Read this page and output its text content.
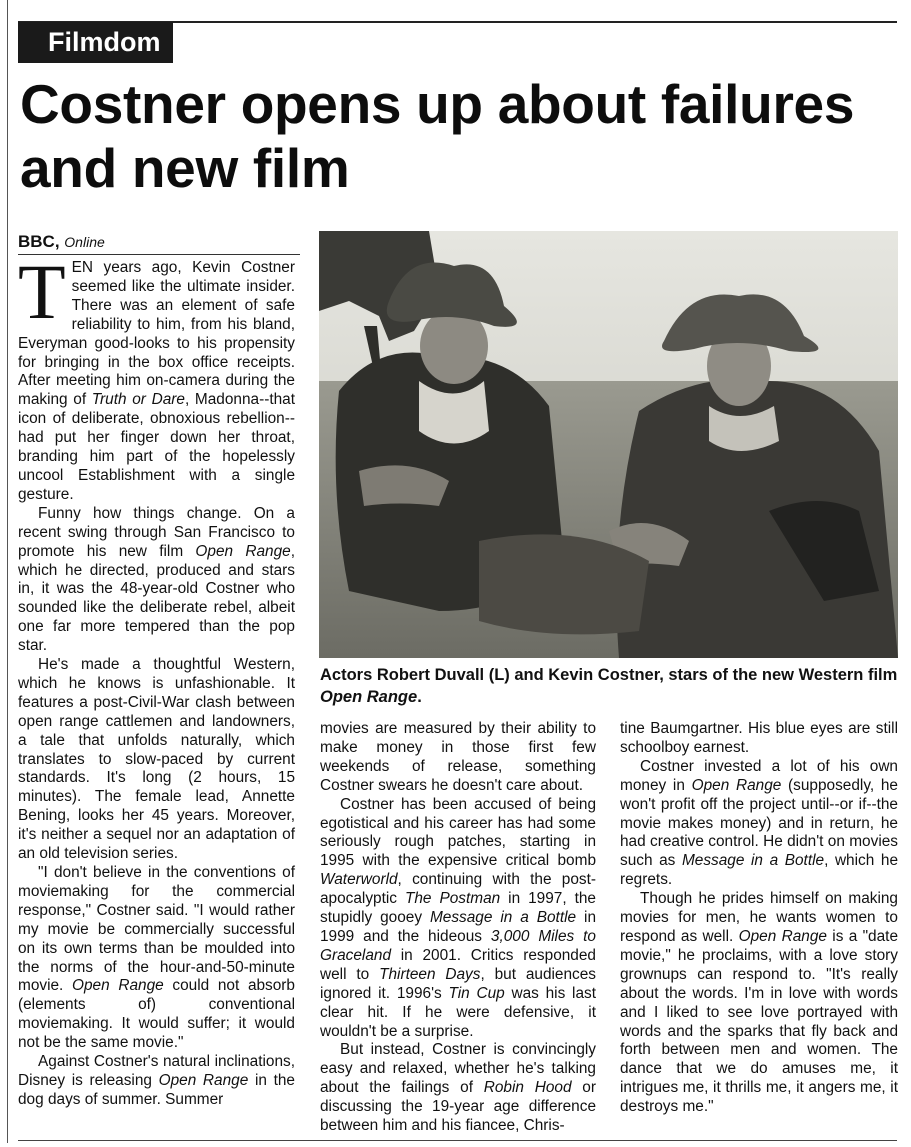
Filmdom
Costner opens up about failures
and new film
BBC, Online

TEN years ago, Kevin Costner seemed like the ultimate insider. There was an element of safe reliability to him, from his bland, Everyman good-looks to his propensity for bringing in the box office receipts. After meeting him on-camera during the making of Truth or Dare, Madonna--that icon of deliberate, obnoxious rebellion--had put her finger down her throat, branding him part of the hopelessly uncool Establishment with a single gesture.

Funny how things change. On a recent swing through San Francisco to promote his new film Open Range, which he directed, produced and stars in, it was the 48-year-old Costner who sounded like the deliberate rebel, albeit one far more tempered than the pop star.

He's made a thoughtful Western, which he knows is unfashionable. It features a post-Civil-War clash between open range cattlemen and landowners, a tale that unfolds naturally, which translates to slow-paced by current standards. It's long (2 hours, 15 minutes). The female lead, Annette Bening, looks her 45 years. Moreover, it's neither a sequel nor an adaptation of an old television series.

"I don't believe in the conventions of moviemaking for the commercial response," Costner said. "I would rather my movie be commercially successful on its own terms than be moulded into the norms of the hour-and-50-minute movie. Open Range could not absorb (elements of) conventional moviemaking. It would suffer; it would not be the same movie."

Against Costner's natural inclinations, Disney is releasing Open Range in the dog days of summer. Summer

Actors Robert Duvall (L) and Kevin Costner, stars of the new Western film Open Range.

movies are measured by their ability to make money in those first few weekends of release, something Costner swears he doesn't care about.

Costner has been accused of being egotistical and his career has had some seriously rough patches, starting in 1995 with the expensive critical bomb Waterworld, continuing with the post-apocalyptic The Postman in 1997, the stupidly gooey Message in a Bottle in 1999 and the hideous 3,000 Miles to Graceland in 2001. Critics responded well to Thirteen Days, but audiences ignored it. 1996's Tin Cup was his last clear hit. If he were defensive, it wouldn't be a surprise.

But instead, Costner is convincingly easy and relaxed, whether he's talking about the failings of Robin Hood or discussing the 19-year age difference between him and his fiancee, Chris-

tine Baumgartner. His blue eyes are still schoolboy earnest.

Costner invested a lot of his own money in Open Range (supposedly, he won't profit off the project until--or if--the movie makes money) and in return, he had creative control. He didn't on movies such as Message in a Bottle, which he regrets.

Though he prides himself on making movies for men, he wants women to respond as well. Open Range is a "date movie," he proclaims, with a love story grownups can respond to. "It's really about the words. I'm in love with words and I liked to see love portrayed with words and the sparks that fly back and forth between men and women. The dance that we do amuses me, it intrigues me, it thrills me, it angers me, it destroys me."
